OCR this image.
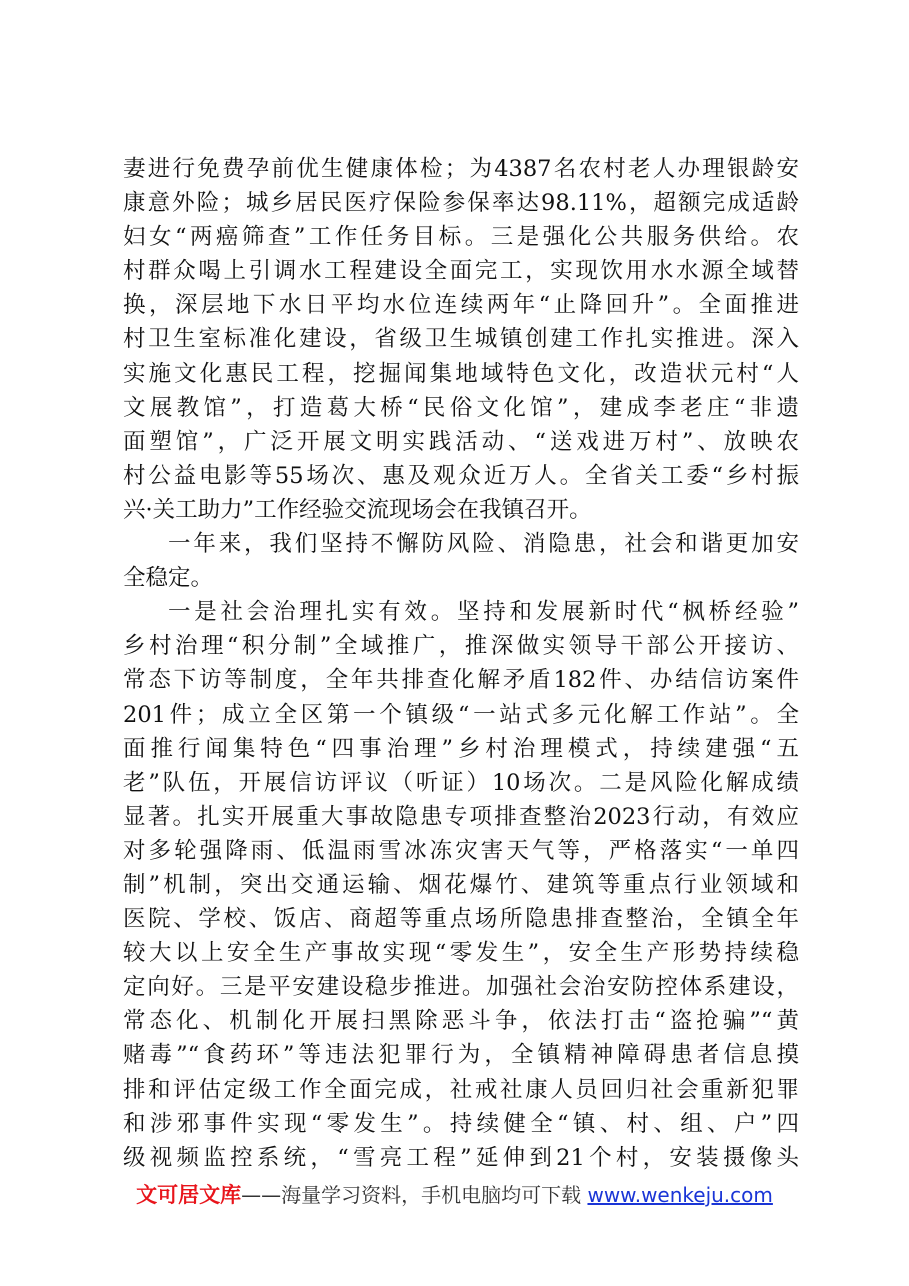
妻进行免费孕前优生健康体检；为4387名农村老人办理银龄安
康意外险；城乡居民医疗保险参保率达98.11%，超额完成适龄
妇女“两癌筛查”工作任务目标。三是强化公共服务供给。农
村群众喝上引调水工程建设全面完工，实现饮用水水源全域替
换，深层地下水日平均水位连续两年“止降回升”。全面推进
村卫生室标准化建设，省级卫生城镇创建工作扎实推进。深入
实施文化惠民工程，挖掘闻集地域特色文化，改造状元村“人
文展教馆”，打造葛大桥“民俗文化馆”，建成李老庄“非遗
面塑馆”，广泛开展文明实践活动、“送戏进万村”、放映农
村公益电影等55场次、惠及观众近万人。全省关工委“乡村振
兴·关工助力”工作经验交流现场会在我镇召开。
一年来，我们坚持不懈防风险、消隐患，社会和谐更加安
全稳定。
一是社会治理扎实有效。坚持和发展新时代“枫桥经验”
乡村治理“积分制”全域推广，推深做实领导干部公开接访、
常态下访等制度，全年共排查化解矛盾182件、办结信访案件
201件；成立全区第一个镇级“一站式多元化解工作站”。全
面推行闻集特色“四事治理”乡村治理模式，持续建强“五
老”队伍，开展信访评议（听证）10场次。二是风险化解成绩
显著。扎实开展重大事故隐患专项排查整治2023行动，有效应
对多轮强降雨、低温雨雪冰冻灾害天气等，严格落实“一单四
制”机制，突出交通运输、烟花爆竹、建筑等重点行业领域和
医院、学校、饭店、商超等重点场所隐患排查整治，全镇全年
较大以上安全生产事故实现“零发生”，安全生产形势持续稳
定向好。三是平安建设稳步推进。加强社会治安防控体系建设，
常态化、机制化开展扫黑除恶斗争，依法打击“盗抢骗”“黄
赌毒”“食药环”等违法犯罪行为，全镇精神障碍患者信息摸
排和评估定级工作全面完成，社戒社康人员回归社会重新犯罪
和涉邪事件实现“零发生”。持续健全“镇、村、组、户”四
级视频监控系统，“雪亮工程”延伸到21个村，安装摄像头
文可居文库——海量学习资料，手机电脑均可下载 www.wenkeju.com
